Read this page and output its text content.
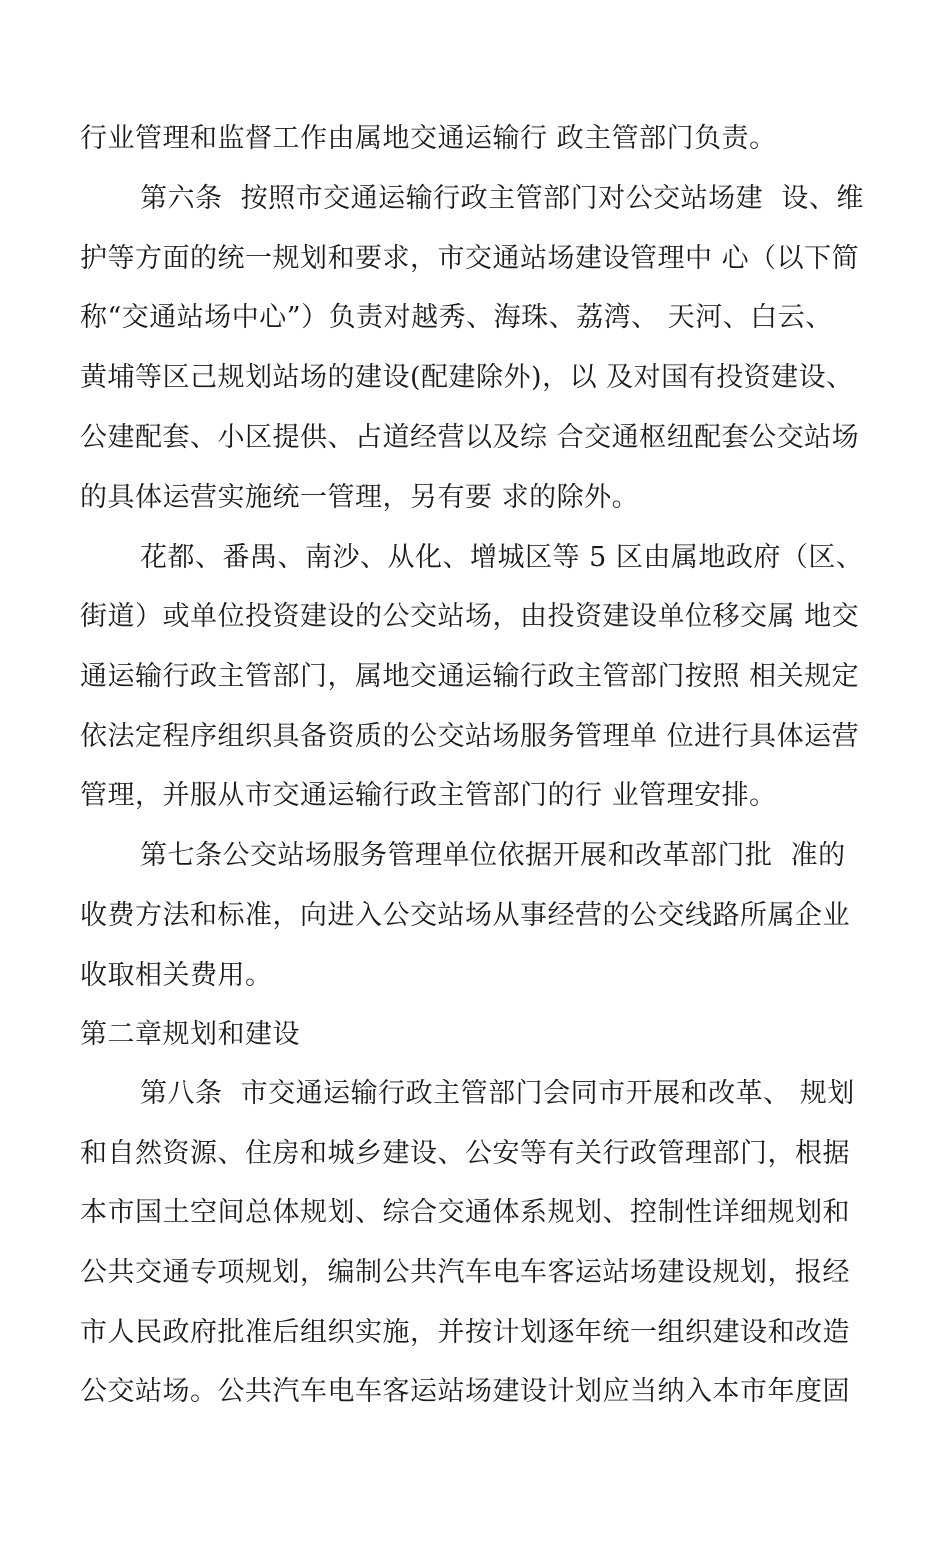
行业管理和监督工作由属地交通运输行 政主管部门负责。
第六条  按照市交通运输行政主管部门对公交站场建  设、维
护等方面的统一规划和要求，市交通站场建设管理中 心（以下简
称“交通站场中心”）负责对越秀、海珠、荔湾、 天河、白云、
黄埔等区己规划站场的建设(配建除外)，以 及对国有投资建设、
公建配套、小区提供、占道经营以及综 合交通枢纽配套公交站场
的具体运营实施统一管理，另有要 求的除外。
花都、番禺、南沙、从化、增城区等 5 区由属地政府（区、
街道）或单位投资建设的公交站场，由投资建设单位移交属 地交
通运输行政主管部门，属地交通运输行政主管部门按照 相关规定
依法定程序组织具备资质的公交站场服务管理单 位进行具体运营
管理，并服从市交通运输行政主管部门的行 业管理安排。
第七条公交站场服务管理单位依据开展和改革部门批  准的
收费方法和标准，向进入公交站场从事经营的公交线路所属企业
收取相关费用。
第二章规划和建设
第八条  市交通运输行政主管部门会同市开展和改革、 规划
和自然资源、住房和城乡建设、公安等有关行政管理部门，根据
本市国土空间总体规划、综合交通体系规划、控制性详细规划和
公共交通专项规划，编制公共汽车电车客运站场建设规划，报经
市人民政府批准后组织实施，并按计划逐年统一组织建设和改造
公交站场。公共汽车电车客运站场建设计划应当纳入本市年度固
